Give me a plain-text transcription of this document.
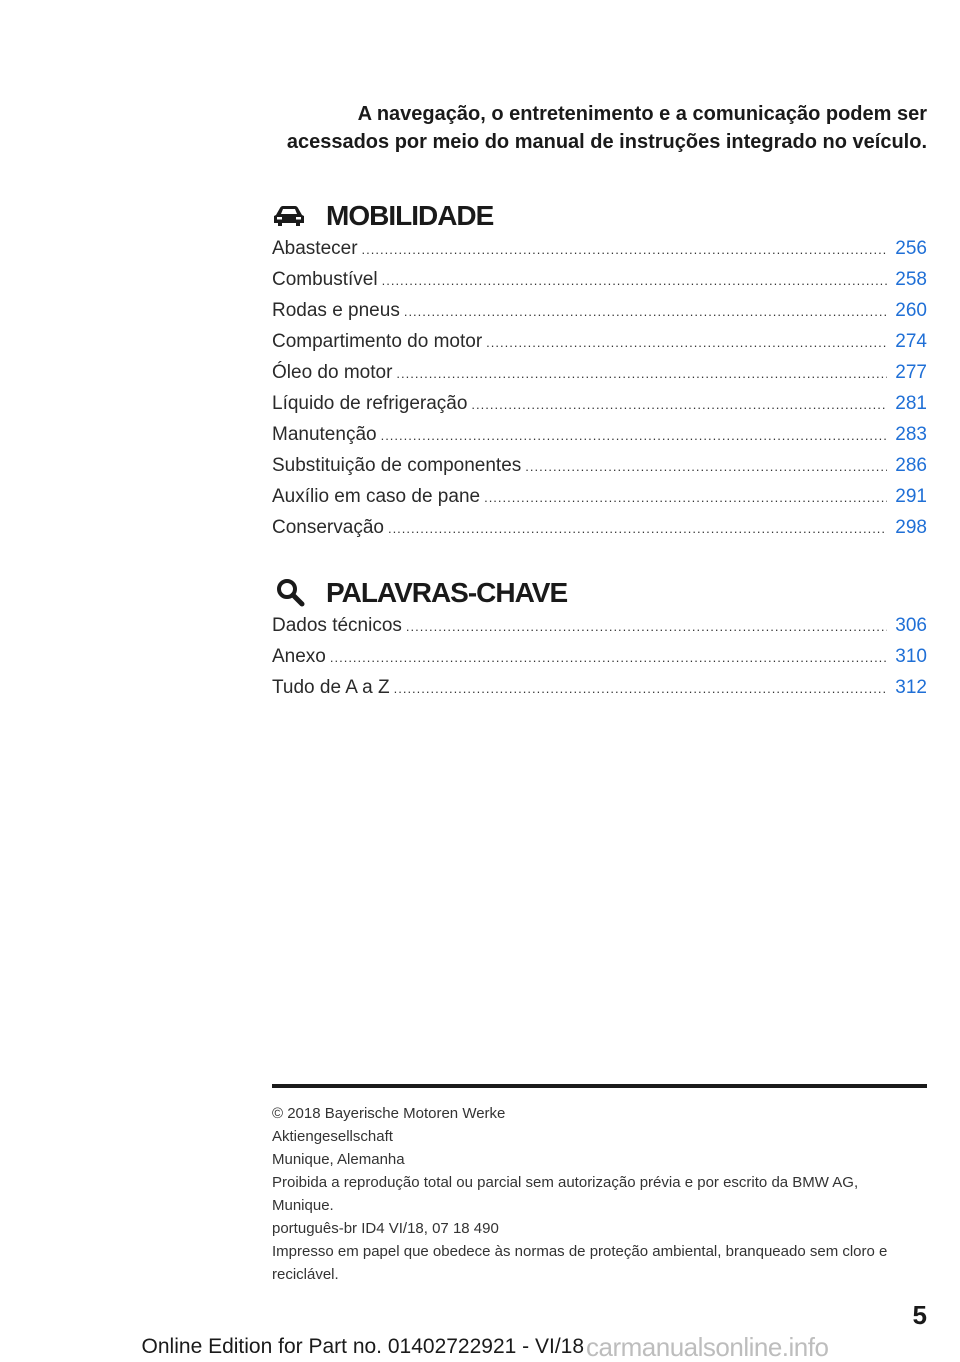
A navegação, o entretenimento e a comunicação podem ser
acessados por meio do manual de instruções integrado no veículo.
MOBILIDADE
Abastecer .....	256
Combustível .....	258
Rodas e pneus .....	260
Compartimento do motor .....	274
Óleo do motor .....	277
Líquido de refrigeração .....	281
Manutenção .....	283
Substituição de componentes .....	286
Auxílio em caso de pane .....	291
Conservação .....	298
PALAVRAS-CHAVE
Dados técnicos .....	306
Anexo .....	310
Tudo de A a Z .....	312

© 2018 Bayerische Motoren Werke

Aktiengesellschaft

Munique, Alemanha

Proibida a reprodução total ou parcial sem autorização prévia e por escrito da BMW AG,

Munique.

português-br ID4 VI/18, 07 18 490

Impresso em papel que obedece às normas de proteção ambiental, branqueado sem cloro e

reciclável.

5
Online Edition for Part no. 01402722921 - VI/18 carmanualsonline.info
